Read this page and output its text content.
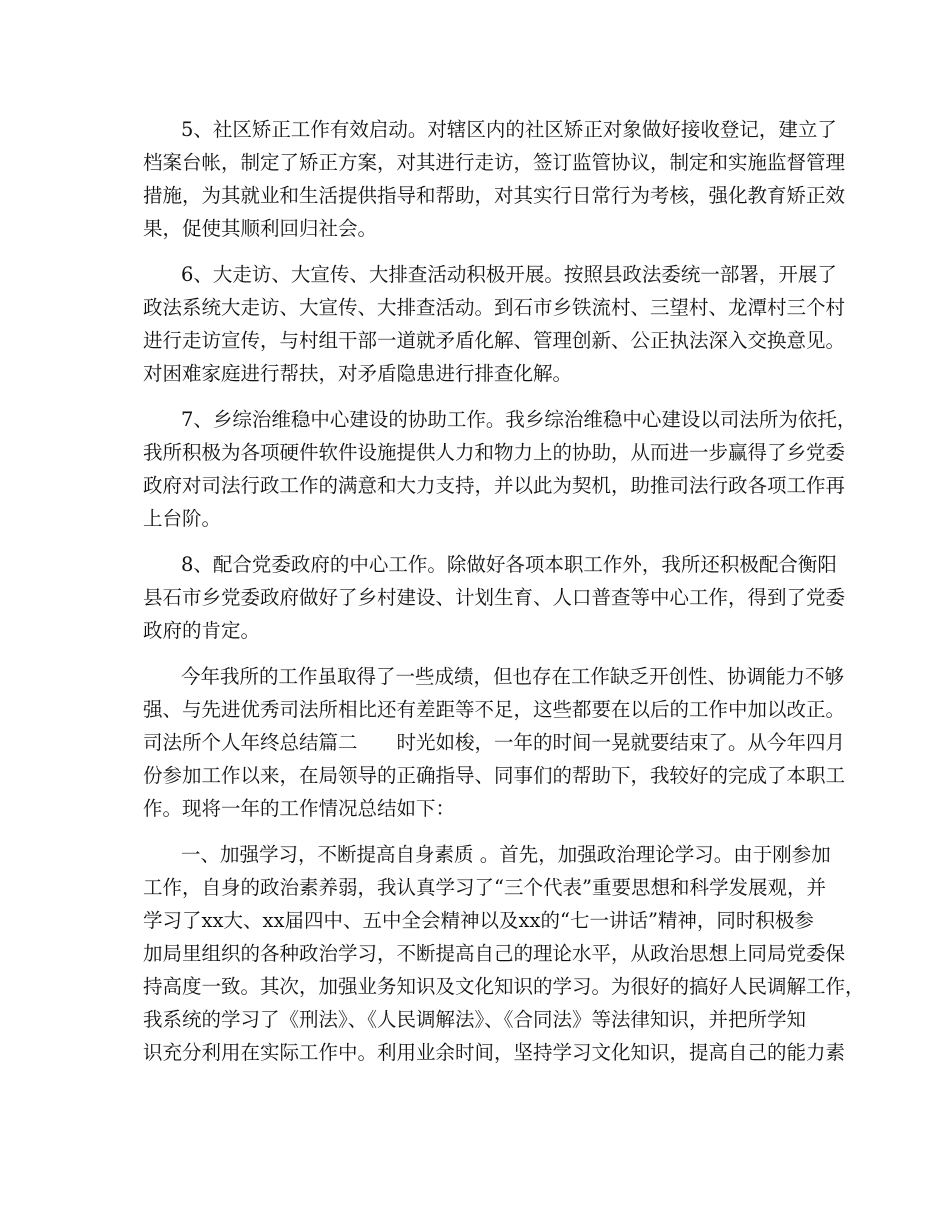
5、社区矫正工作有效启动。对辖区内的社区矫正对象做好接收登记，建立了
档案台帐，制定了矫正方案，对其进行走访，签订监管协议，制定和实施监督管理
措施，为其就业和生活提供指导和帮助，对其实行日常行为考核，强化教育矫正效
果，促使其顺利回归社会。
6、大走访、大宣传、大排查活动积极开展。按照县政法委统一部署，开展了
政法系统大走访、大宣传、大排查活动。到石市乡铁流村、三望村、龙潭村三个村
进行走访宣传，与村组干部一道就矛盾化解、管理创新、公正执法深入交换意见。
对困难家庭进行帮扶，对矛盾隐患进行排查化解。
7、乡综治维稳中心建设的协助工作。我乡综治维稳中心建设以司法所为依托，
我所积极为各项硬件软件设施提供人力和物力上的协助，从而进一步赢得了乡党委
政府对司法行政工作的满意和大力支持，并以此为契机，助推司法行政各项工作再
上台阶。
8、配合党委政府的中心工作。除做好各项本职工作外，我所还积极配合衡阳
县石市乡党委政府做好了乡村建设、计划生育、人口普查等中心工作，得到了党委
政府的肯定。
今年我所的工作虽取得了一些成绩，但也存在工作缺乏开创性、协调能力不够
强、与先进优秀司法所相比还有差距等不足，这些都要在以后的工作中加以改正。
司法所个人年终总结篇二　　时光如梭，一年的时间一晃就要结束了。从今年四月
份参加工作以来，在局领导的正确指导、同事们的帮助下，我较好的完成了本职工
作。现将一年的工作情况总结如下：
一、加强学习，不断提高自身素质 。首先，加强政治理论学习。由于刚参加
工作，自身的政治素养弱，我认真学习了“三个代表”重要思想和科学发展观，并
学习了xx大、xx届四中、五中全会精神以及xx的“七一讲话”精神，同时积极参
加局里组织的各种政治学习，不断提高自己的理论水平，从政治思想上同局党委保
持高度一致。其次，加强业务知识及文化知识的学习。为很好的搞好人民调解工作，
我系统的学习了《刑法》、《人民调解法》、《合同法》等法律知识，并把所学知
识充分利用在实际工作中。利用业余时间，坚持学习文化知识，提高自己的能力素
